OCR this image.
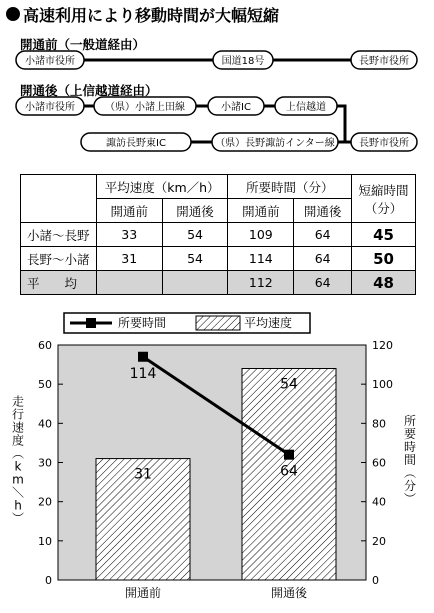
高速利用により移動時間が大幅短縮
小諸市役所	国道18号	長野市役所
小諸市役所	（県）小諸上田線	小諸IC	上信越道
諏訪長野東IC	（県）長野諏訪インター線 長野市役所
開通前（一般道経由）
開通後（上信越道経由）
	平均速度（km／h）		所要時間（分）		短縮時間（分）
	開通前	開通後	開通前	開通後	
小諸～長野	33	54	109	64	45
長野～小諸	31	54	114	64	50
平　　均			112	64	48
0
10
20
30
40
50
60
0
20
40
60
80
100
120
31
54
114
64
開通前	開通後
走行速度︵ k m ＼ h ︶
所要時間︵分︶
所要時間	平均速度
